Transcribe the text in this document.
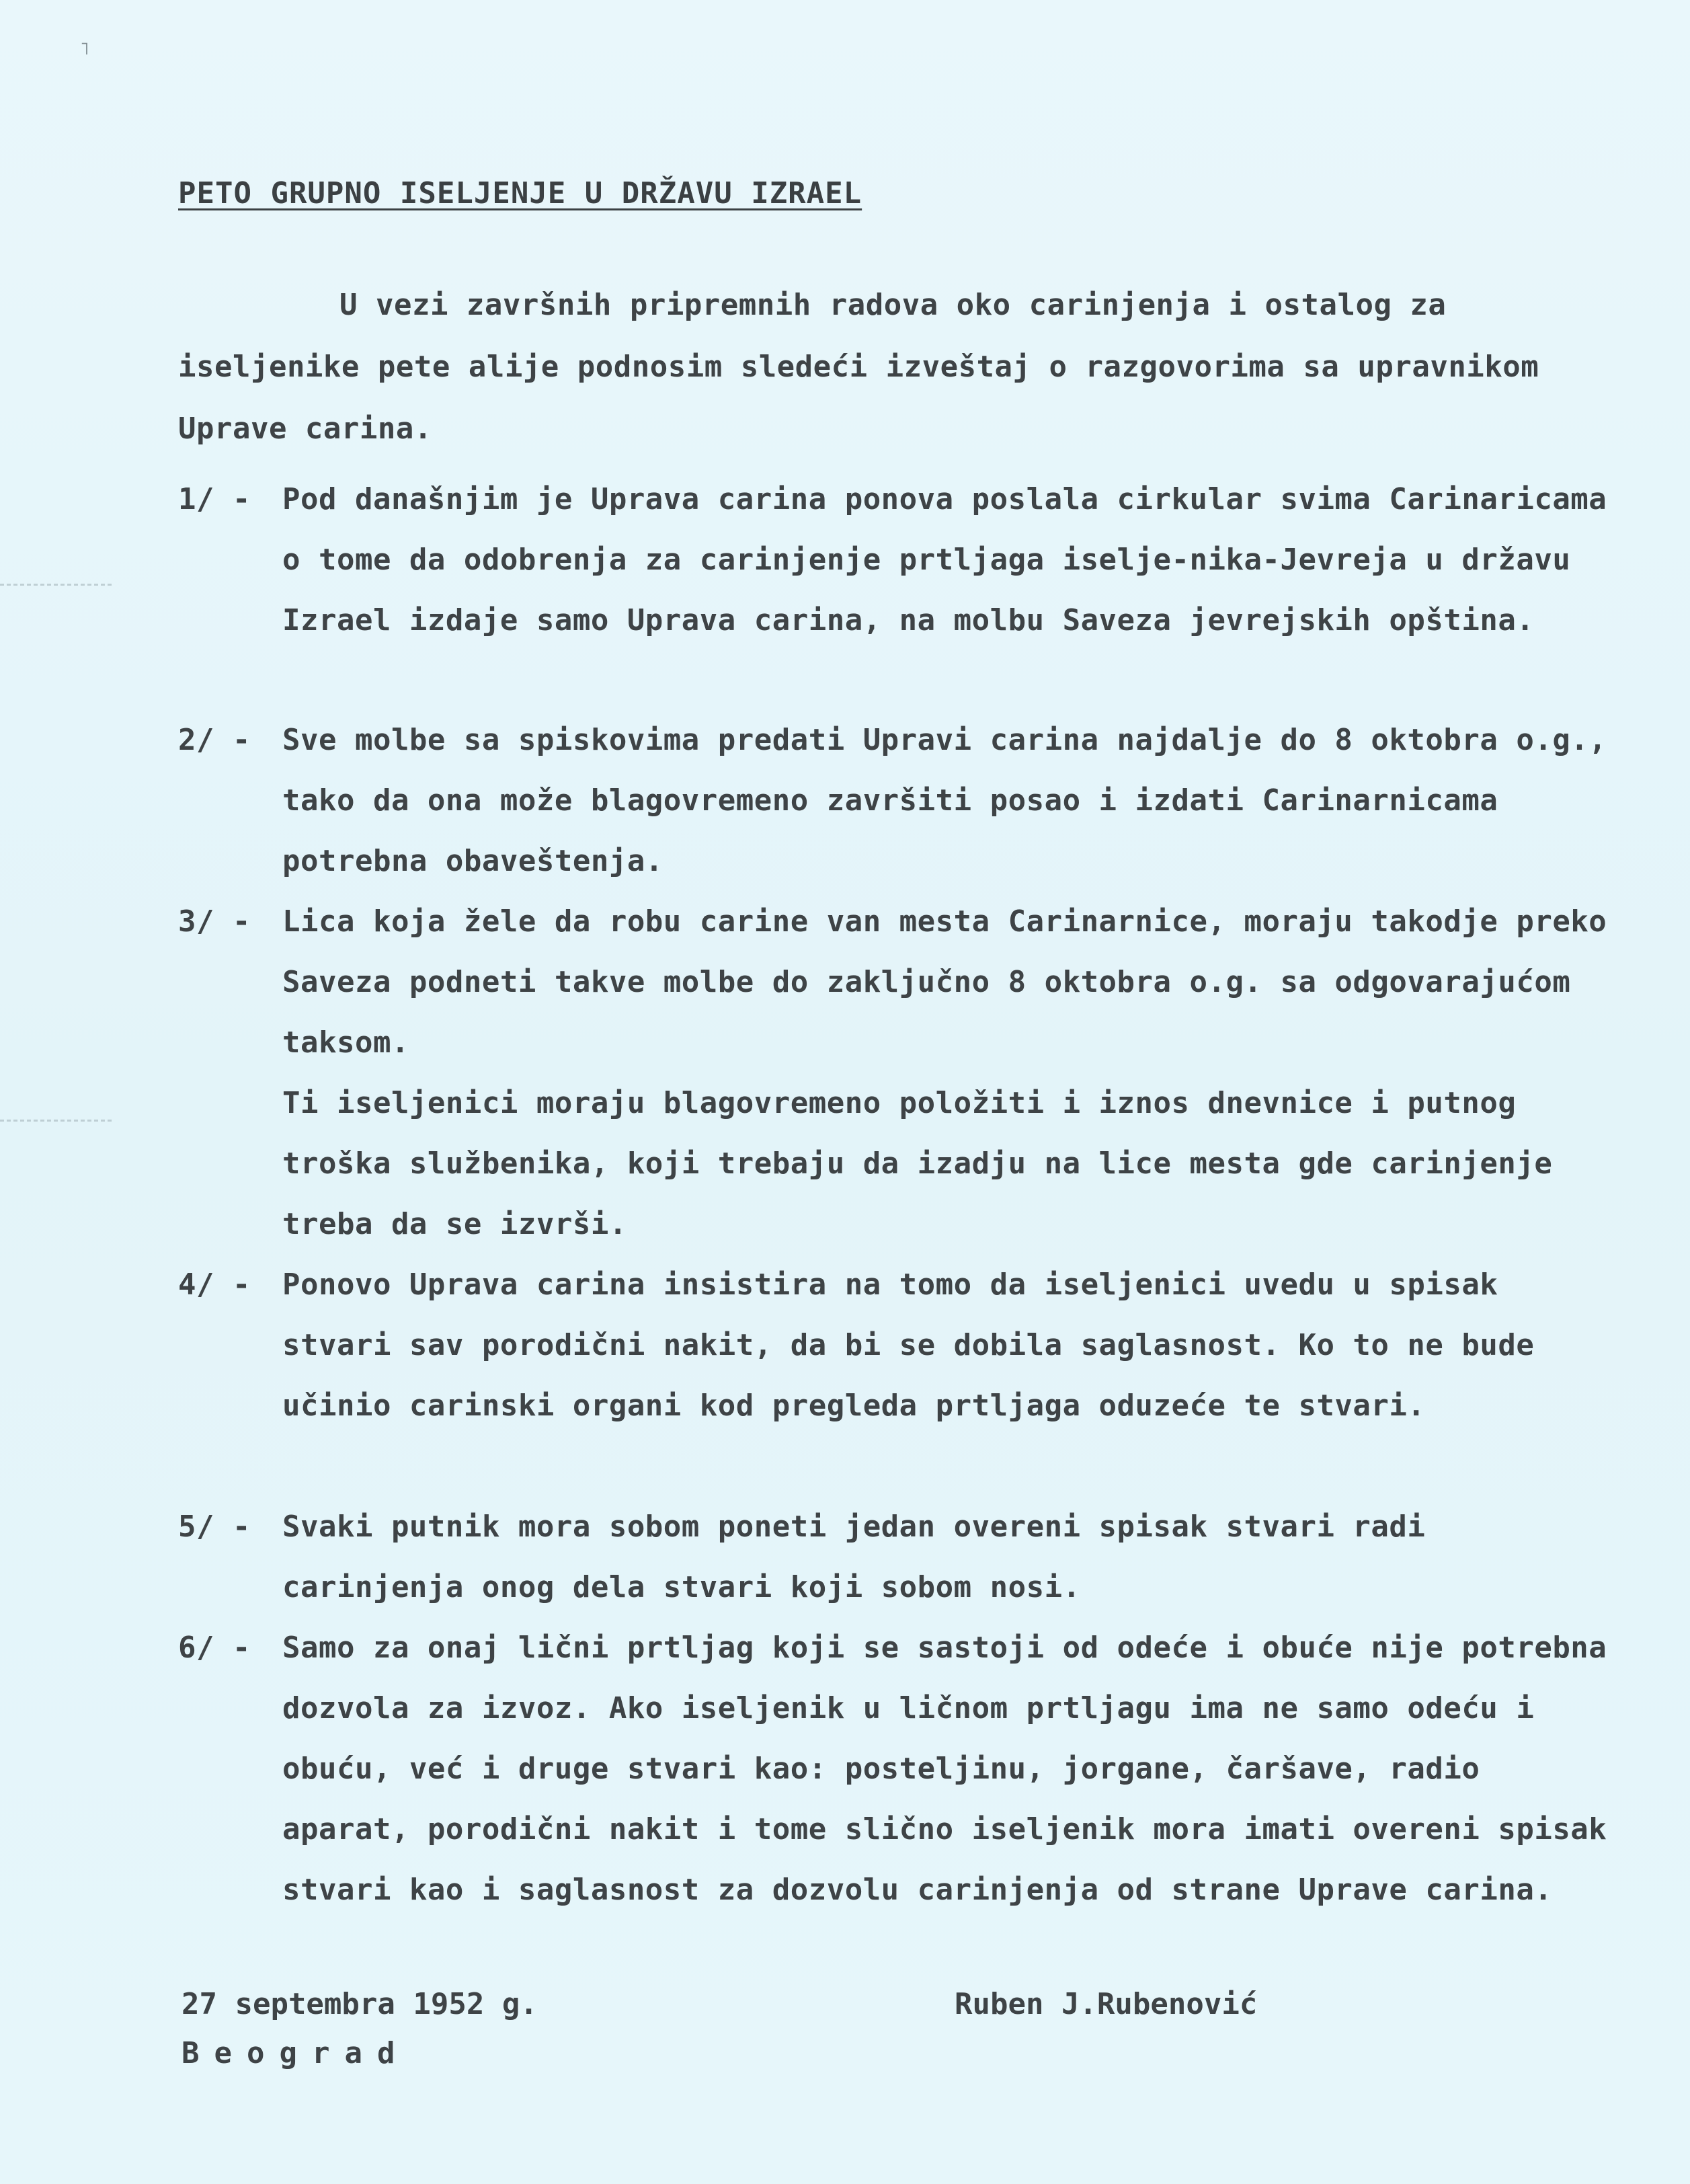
˥
PETO GRUPNO ISELJENJE U DRŽAVU IZRAEL

U vezi završnih pripremnih radova oko carinjenja i ostalog za iseljenike pete alije podnosim sledeći izveštaj o razgovorima sa upravnikom Uprave carina.

1/ - Pod današnjim je Uprava carina ponova poslala cirkular svima Carinaricama o tome da odobrenja za carinjenje prtljaga iselje-nika-Jevreja u državu Izrael izdaje samo Uprava carina, na molbu Saveza jevrejskih opština.

2/ - Sve molbe sa spiskovima predati Upravi carina najdalje do 8 oktobra o.g., tako da ona može blagovremeno završiti posao i izdati Carinarnicama potrebna obaveštenja.

3/ - Lica koja žele da robu carine van mesta Carinarnice, moraju takodje preko Saveza podneti takve molbe do zaključno 8 oktobra o.g. sa odgovarajućom taksom.

Ti iseljenici moraju blagovremeno položiti i iznos dnevnice i putnog troška službenika, koji trebaju da izadju na lice mesta gde carinjenje treba da se izvrši.

4/ - Ponovo Uprava carina insistira na tomo da iseljenici uvedu u spisak stvari sav porodični nakit, da bi se dobila saglasnost. Ko to ne bude učinio carinski organi kod pregleda prtljaga oduzeće te stvari.

5/ - Svaki putnik mora sobom poneti jedan overeni spisak stvari radi carinjenja onog dela stvari koji sobom nosi.

6/ - Samo za onaj lični prtljag koji se sastoji od odeće i obuće nije potrebna dozvola za izvoz. Ako iseljenik u ličnom prtljagu ima ne samo odeću i obuću, već i druge stvari kao: posteljinu, jorgane, čaršave, radio aparat, porodični nakit i tome slično iseljenik mora imati overeni spisak stvari kao i saglasnost za dozvolu carinjenja od strane Uprave carina.

27 septembra 1952 g.

Beograd

Ruben J.Rubenović
